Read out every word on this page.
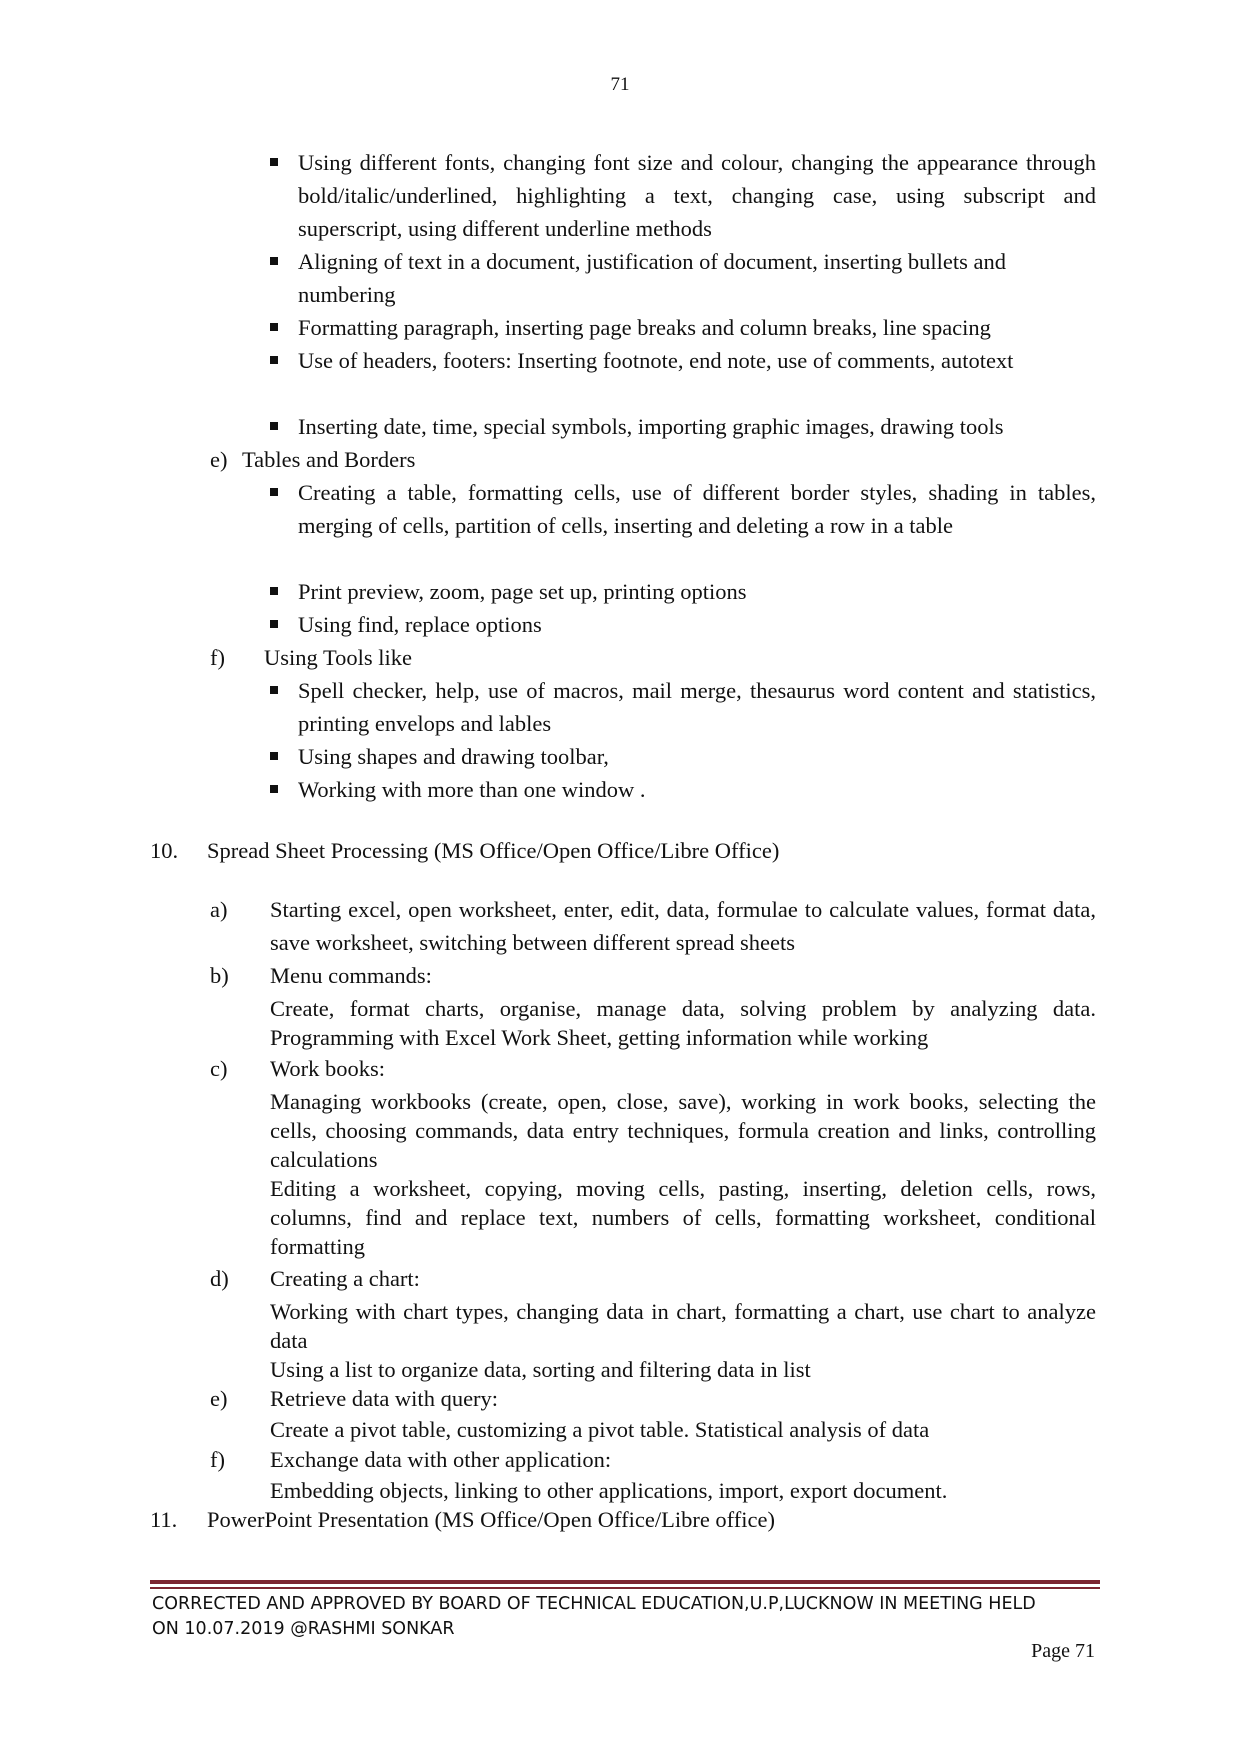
71
Using different fonts, changing font size and colour, changing the appearance through bold/italic/underlined, highlighting a text, changing case, using subscript and superscript, using different underline methods
Aligning of text in a document, justification of document, inserting bullets and numbering
Formatting paragraph, inserting page breaks and column breaks, line spacing
Use of headers, footers: Inserting footnote, end note, use of comments, autotext
Inserting date, time, special symbols, importing graphic images, drawing tools
e) Tables and Borders
Creating a table, formatting cells, use of different border styles, shading in tables, merging of cells, partition of cells, inserting and deleting a row in a table
Print preview, zoom, page set up, printing options
Using find, replace options
f) Using Tools like
Spell checker, help, use of macros, mail merge, thesaurus word content and statistics, printing envelops and lables
Using shapes and drawing toolbar,
Working with more than one window .
10. Spread Sheet Processing (MS Office/Open Office/Libre Office)
a) Starting excel, open worksheet, enter, edit, data, formulae to calculate values, format data, save worksheet, switching between different spread sheets
b) Menu commands:
Create, format charts, organise, manage data, solving problem by analyzing data. Programming with Excel Work Sheet, getting information while working
c) Work books:
Managing workbooks (create, open, close, save), working in work books, selecting the cells, choosing commands, data entry techniques, formula creation and links, controlling calculations
Editing a worksheet, copying, moving cells, pasting, inserting, deletion cells, rows, columns, find and replace text, numbers of cells, formatting worksheet, conditional formatting
d) Creating a chart:
Working with chart types, changing data in chart, formatting a chart, use chart to analyze data
Using a list to organize data, sorting and filtering data in list
e) Retrieve data with query:
Create a pivot table, customizing a pivot table. Statistical analysis of data
f) Exchange data with other application:
Embedding objects, linking to other applications, import, export document.
11. PowerPoint Presentation (MS Office/Open Office/Libre office)
CORRECTED AND APPROVED BY BOARD OF TECHNICAL EDUCATION,U.P,LUCKNOW IN MEETING HELD
ON 10.07.2019 @RASHMI SONKAR
Page 71
